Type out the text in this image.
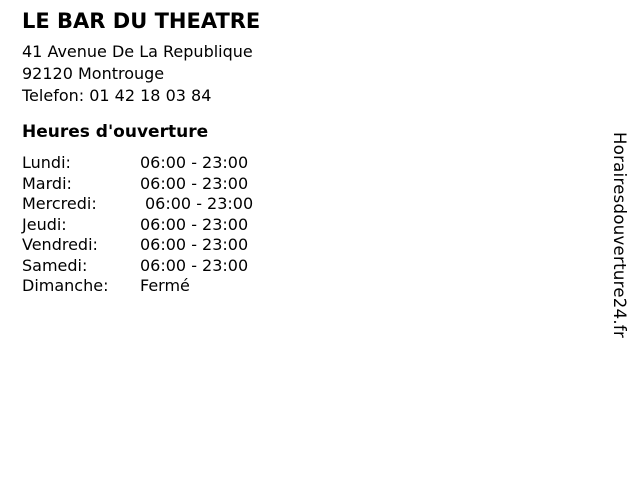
LE BAR DU THEATRE
41 Avenue De La Republique
92120 Montrouge
Telefon: 01 42 18 03 84
Heures d'ouverture
Lundi:	06:00 - 23:00
Mardi:	06:00 - 23:00
Mercredi:	06:00 - 23:00
Jeudi:	06:00 - 23:00
Vendredi:	06:00 - 23:00
Samedi:	06:00 - 23:00
Dimanche:	Fermé	Horairesdouverture24.fr
